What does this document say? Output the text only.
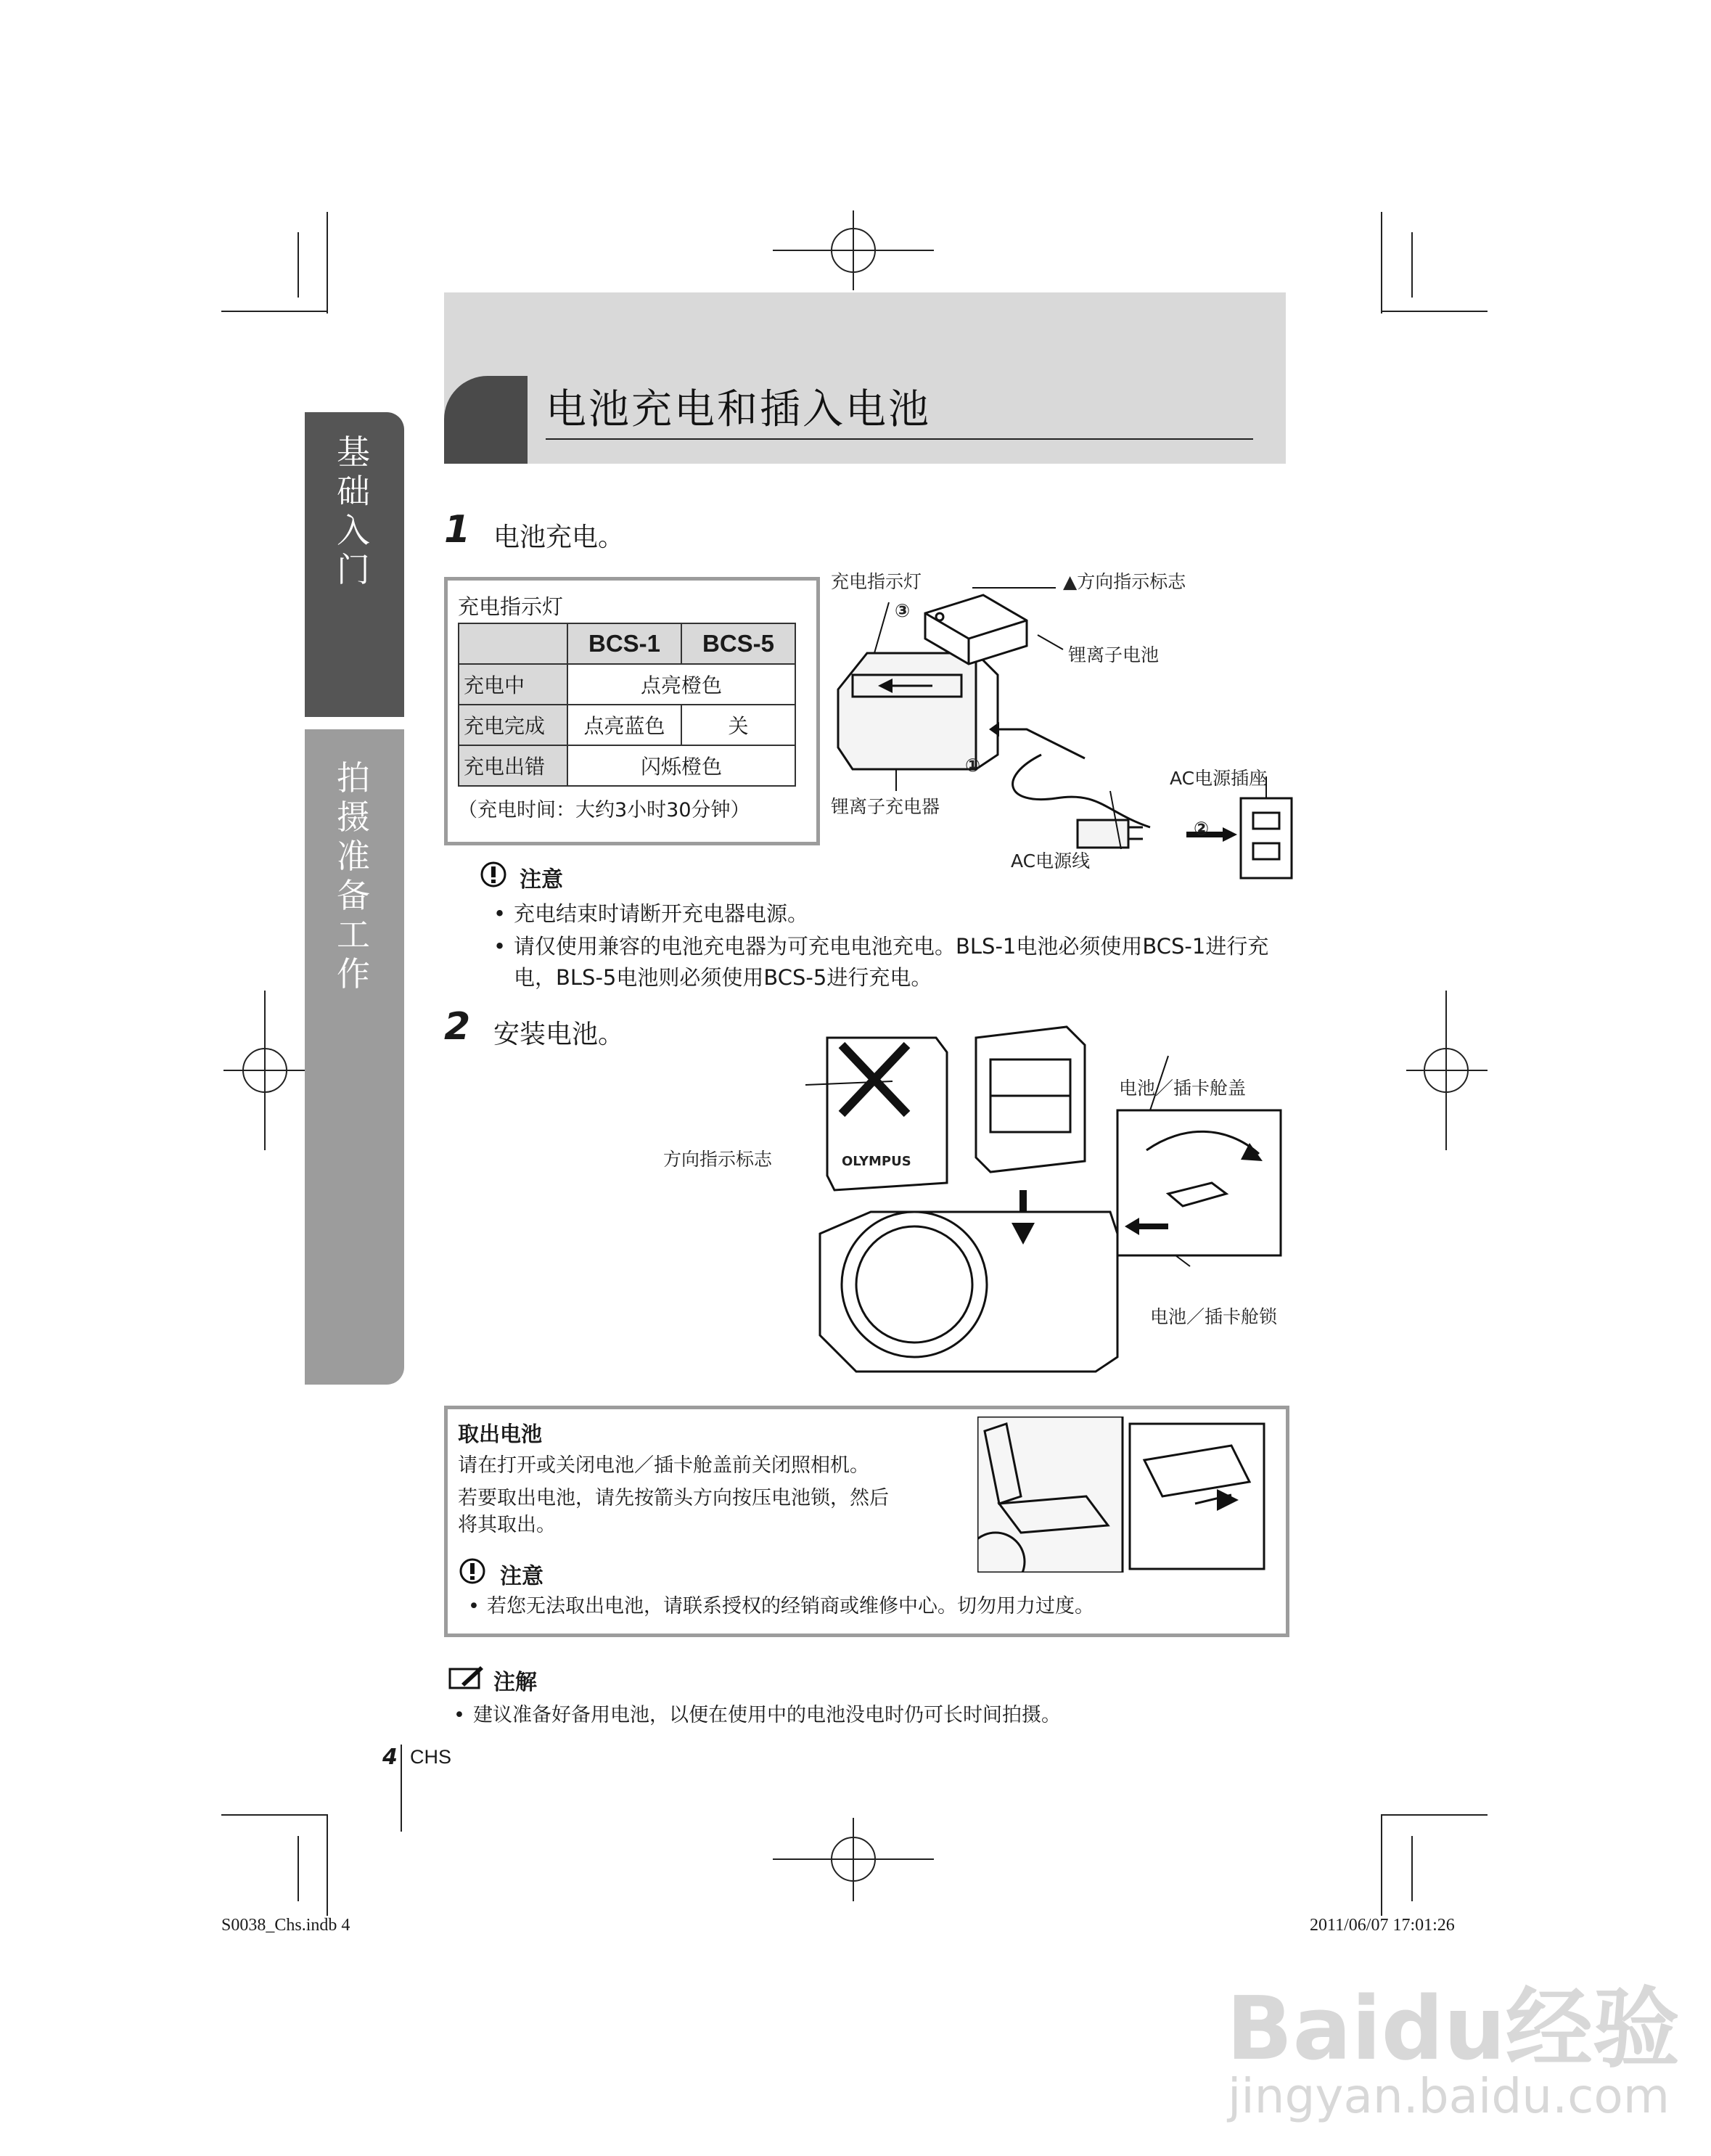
电池充电和插入电池
基础入门
拍摄准备工作
1 电池充电。
充电指示灯
	BCS-1	BCS-5
充电中	点亮橙色	
充电完成	点亮蓝色	关
充电出错	闪烁橙色	
（充电时间：大约3小时30分钟）
充电指示灯	▲方向指示标志
锂离子电池
锂离子充电器
AC电源插座
AC电源线
③
①
②
注意
• 充电结束时请断开充电器电源。
• 请仅使用兼容的电池充电器为可充电电池充电。BLS-1电池必须使用BCS-1进行充电，BLS-5电池则必须使用BCS-5进行充电。
2 安装电池。
方向指示标志
电池／插卡舱盖
电池／插卡舱锁
OLYMPUS
取出电池
请在打开或关闭电池／插卡舱盖前关闭照相机。
若要取出电池，请先按箭头方向按压电池锁，然后
将其取出。
注意
• 若您无法取出电池，请联系授权的经销商或维修中心。切勿用力过度。
注解
• 建议准备好备用电池，以便在使用中的电池没电时仍可长时间拍摄。
4 CHS
S0038_Chs.indb 4	2011/06/07 17:01:26
Baidu经验
jingyan.baidu.com
